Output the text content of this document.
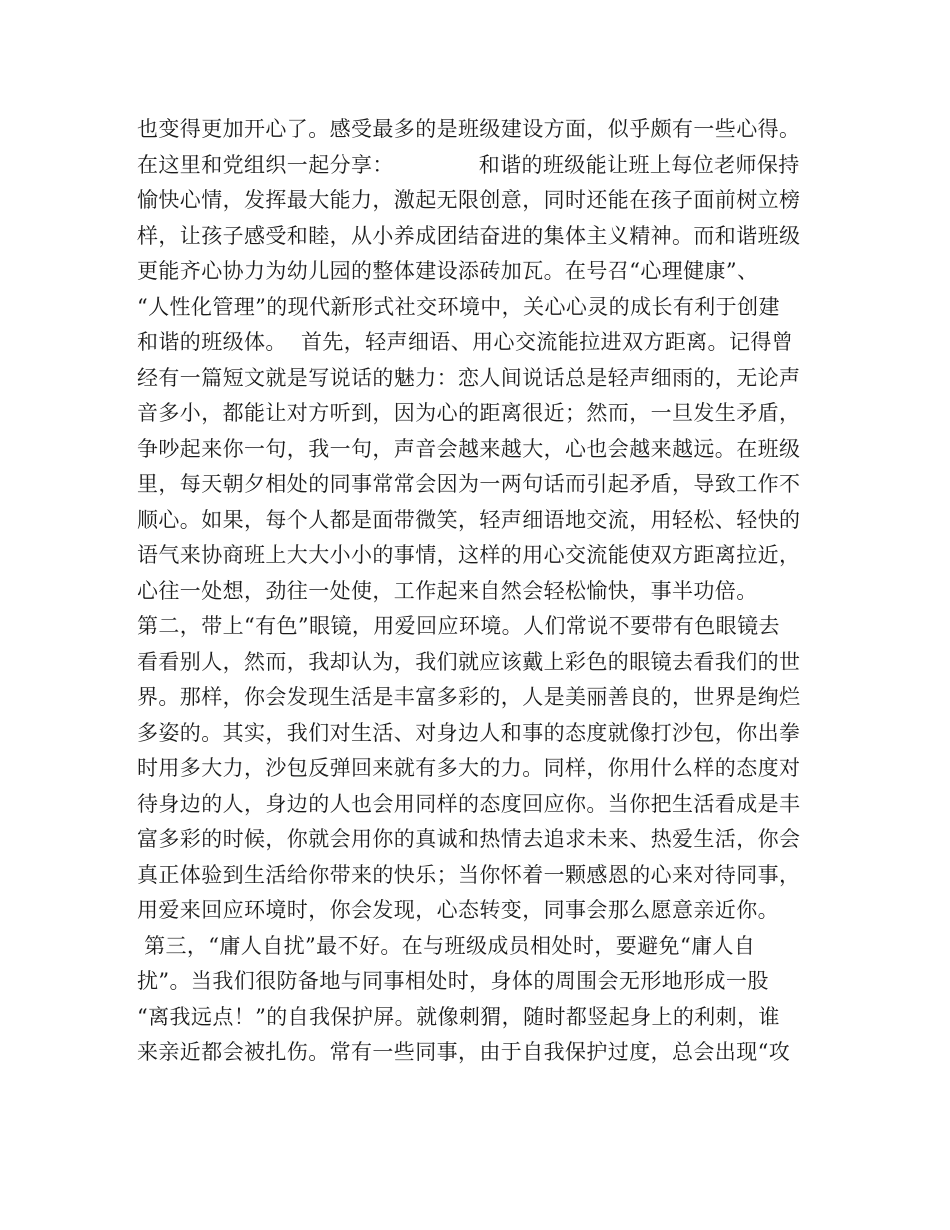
也变得更加开心了。感受最多的是班级建设方面，似乎颇有一些心得。
在这里和党组织一起分享：            和谐的班级能让班上每位老师保持
愉快心情，发挥最大能力，激起无限创意，同时还能在孩子面前树立榜
样，让孩子感受和睦，从小养成团结奋进的集体主义精神。而和谐班级
更能齐心协力为幼儿园的整体建设添砖加瓦。在号召“心理健康”、
“人性化管理”的现代新形式社交环境中，关心心灵的成长有利于创建
和谐的班级体。  首先，轻声细语、用心交流能拉进双方距离。记得曾
经有一篇短文就是写说话的魅力：恋人间说话总是轻声细雨的，无论声
音多小，都能让对方听到，因为心的距离很近；然而，一旦发生矛盾，
争吵起来你一句，我一句，声音会越来越大，心也会越来越远。在班级
里，每天朝夕相处的同事常常会因为一两句话而引起矛盾，导致工作不
顺心。如果，每个人都是面带微笑，轻声细语地交流，用轻松、轻快的
语气来协商班上大大小小的事情，这样的用心交流能使双方距离拉近，
心往一处想，劲往一处使，工作起来自然会轻松愉快，事半功倍。
第二，带上“有色”眼镜，用爱回应环境。人们常说不要带有色眼镜去
看看别人，然而，我却认为，我们就应该戴上彩色的眼镜去看我们的世
界。那样，你会发现生活是丰富多彩的，人是美丽善良的，世界是绚烂
多姿的。其实，我们对生活、对身边人和事的态度就像打沙包，你出拳
时用多大力，沙包反弹回来就有多大的力。同样，你用什么样的态度对
待身边的人，身边的人也会用同样的态度回应你。当你把生活看成是丰
富多彩的时候，你就会用你的真诚和热情去追求未来、热爱生活，你会
真正体验到生活给你带来的快乐；当你怀着一颗感恩的心来对待同事，
用爱来回应环境时，你会发现，心态转变，同事会那么愿意亲近你。
第三，“庸人自扰”最不好。在与班级成员相处时，要避免“庸人自
扰”。当我们很防备地与同事相处时，身体的周围会无形地形成一股
“离我远点！”的自我保护屏。就像刺猬，随时都竖起身上的利刺，谁
来亲近都会被扎伤。常有一些同事，由于自我保护过度，总会出现“攻
